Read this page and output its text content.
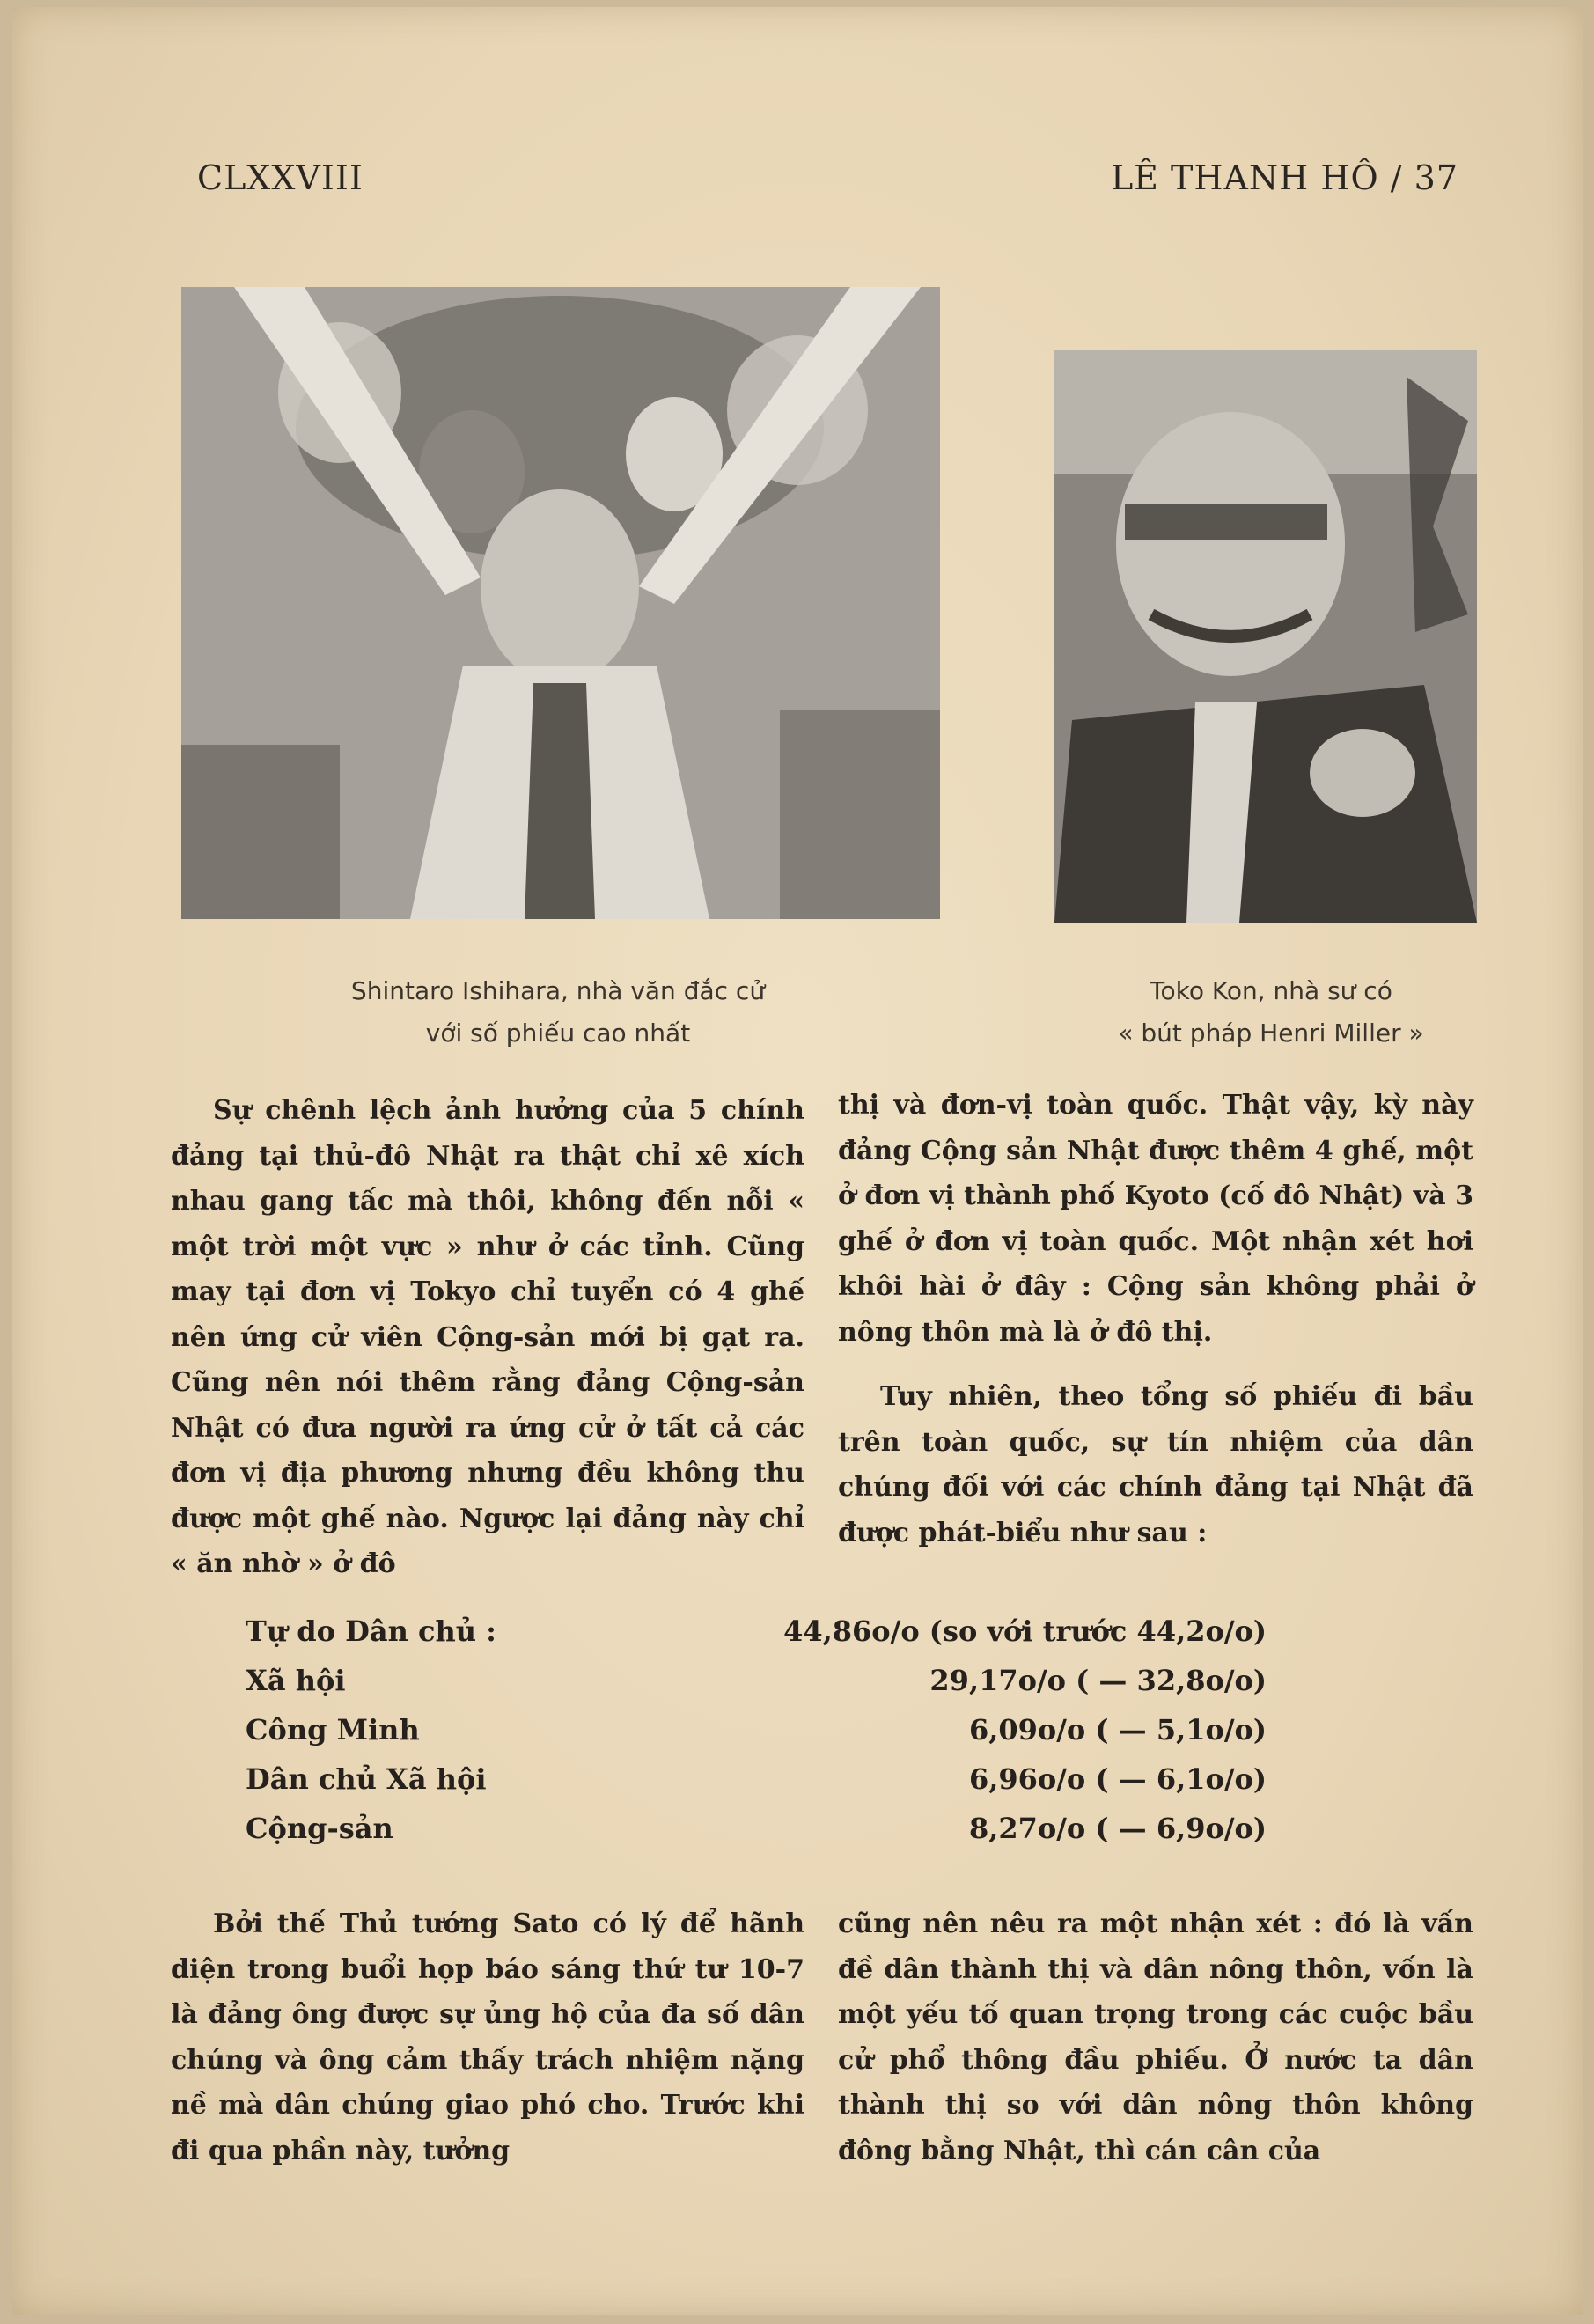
CLXXVIII	LÊ THANH HÔ / 37
Shintaro Ishihara, nhà văn đắc cử
với số phiếu cao nhất
Toko Kon, nhà sư có
« bút pháp Henri Miller »

Sự chênh lệch ảnh hưởng của 5 chính đảng tại thủ-đô Nhật ra thật chỉ xê xích nhau gang tấc mà thôi, không đến nỗi « một trời một vực » như ở các tỉnh. Cũng may tại đơn vị Tokyo chỉ tuyển có 4 ghế nên ứng cử viên Cộng-sản mới bị gạt ra. Cũng nên nói thêm rằng đảng Cộng-sản Nhật có đưa người ra ứng cử ở tất cả các đơn vị địa phương nhưng đều không thu được một ghế nào. Ngược lại đảng này chỉ « ăn nhờ » ở đô

thị và đơn-vị toàn quốc. Thật vậy, kỳ này đảng Cộng sản Nhật được thêm 4 ghế, một ở đơn vị thành phố Kyoto (cố đô Nhật) và 3 ghế ở đơn vị toàn quốc. Một nhận xét hơi khôi hài ở đây : Cộng sản không phải ở nông thôn mà là ở đô thị.

Tuy nhiên, theo tổng số phiếu đi bầu trên toàn quốc, sự tín nhiệm của dân chúng đối với các chính đảng tại Nhật đã được phát-biểu như sau :

Tự do Dân chủ :	44,86o/o (so với trước 44,2o/o)
Xã hội	29,17o/o ( — 32,8o/o)
Công Minh	6,09o/o ( — 5,1o/o)
Dân chủ Xã hội	6,96o/o ( — 6,1o/o)
Cộng-sản	8,27o/o ( — 6,9o/o)

Bởi thế Thủ tướng Sato có lý để hãnh diện trong buổi họp báo sáng thứ tư 10-7 là đảng ông được sự ủng hộ của đa số dân chúng và ông cảm thấy trách nhiệm nặng nề mà dân chúng giao phó cho. Trước khi đi qua phần này, tưởng

cũng nên nêu ra một nhận xét : đó là vấn đề dân thành thị và dân nông thôn, vốn là một yếu tố quan trọng trong các cuộc bầu cử phổ thông đầu phiếu. Ở nước ta dân thành thị so với dân nông thôn không đông bằng Nhật, thì cán cân của
